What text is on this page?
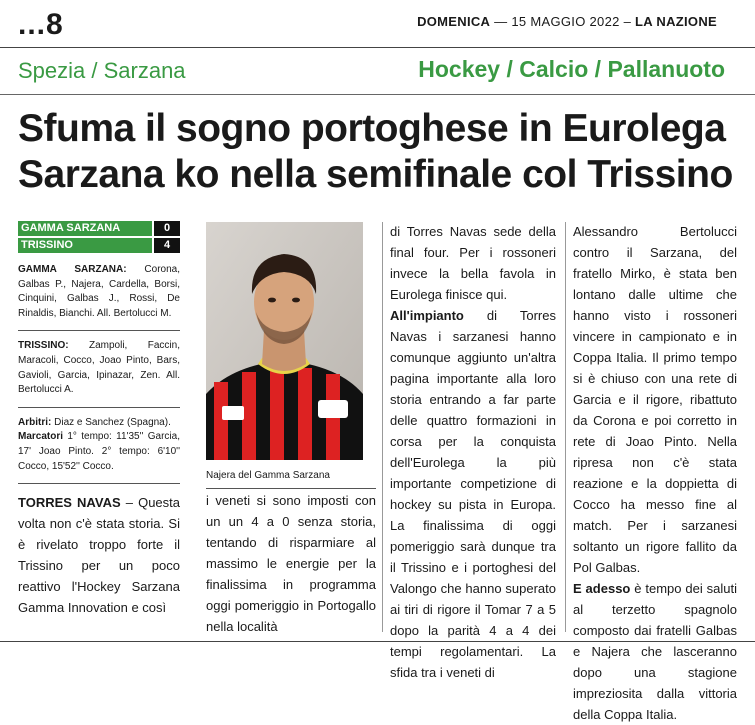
...8	DOMENICA — 15 MAGGIO 2022 – LA NAZIONE
Spezia / Sarzana	Hockey / Calcio / Pallanuoto
Sfuma il sogno portoghese in Eurolega
Sarzana ko nella semifinale col Trissino
GAMMA SARZANA	0
TRISSINO	4

GAMMA SARZANA: Corona, Galbas P., Najera, Cardella, Borsi, Cinquini, Galbas J., Rossi, De Rinaldis, Bianchi. All. Bertolucci M.

TRISSINO: Zampoli, Faccin, Maracoli, Cocco, Joao Pinto, Bars, Gavioli, Garcia, Ipinazar, Zen. All. Bertolucci A.

Arbitri: Diaz e Sanchez (Spagna).
Marcatori 1° tempo: 11'35'' Garcia, 17' Joao Pinto. 2° tempo: 6'10'' Cocco, 15'52'' Cocco.

TORRES NAVAS – Questa volta non c'è stata storia. Si è rivelato troppo forte il Trissino per un poco reattivo l'Hockey Sarzana Gamma Innovation e così

Najera del Gamma Sarzana

i veneti si sono imposti con un un 4 a 0 senza storia, tentando di risparmiare al massimo le energie per la finalissima in programma oggi pomeriggio in Portogallo nella località

di Torres Navas sede della final four. Per i rossoneri invece la bella favola in Eurolega finisce qui.

All'impianto di Torres Navas i sarzanesi hanno comunque aggiunto un'altra pagina importante alla loro storia entrando a far parte delle quattro formazioni in corsa per la conquista dell'Eurolega la più importante competizione di hockey su pista in Europa. La finalissima di oggi pomeriggio sarà dunque tra il Trissino e i portoghesi del Valongo che hanno superato ai tiri di rigore il Tomar 7 a 5 dopo la parità 4 a 4 dei tempi regolamentari. La sfida tra i veneti di

Alessandro Bertolucci contro il Sarzana, del fratello Mirko, è stata ben lontano dalle ultime che hanno visto i rossoneri vincere in campionato e in Coppa Italia. Il primo tempo si è chiuso con una rete di Garcia e il rigore, ribattuto da Corona e poi corretto in rete di Joao Pinto. Nella ripresa non c'è stata reazione e la doppietta di Cocco ha messo fine al match. Per i sarzanesi soltanto un rigore fallito da Pol Galbas.

E adesso è tempo dei saluti al terzetto spagnolo composto dai fratelli Galbas e Najera che lasceranno dopo una stagione impreziosita dalla vittoria della Coppa Italia.
